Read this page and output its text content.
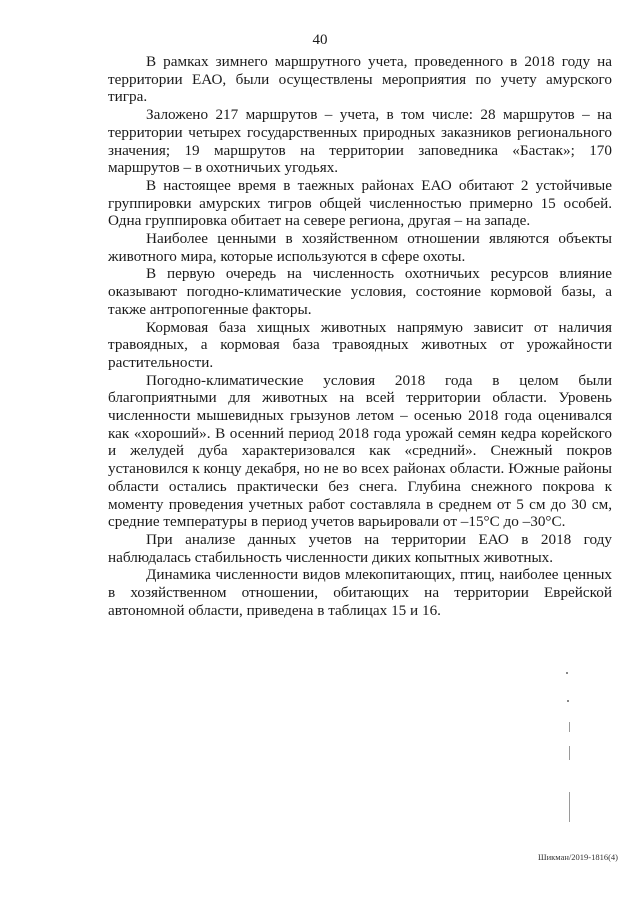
40

В рамках зимнего маршрутного учета, проведенного в 2018 году на территории ЕАО, были осуществлены мероприятия по учету амурского тигра.

Заложено 217 маршрутов – учета, в том числе: 28 маршрутов – на территории четырех государственных природных заказников регионального значения; 19 маршрутов на территории заповедника «Бастак»; 170 маршрутов – в охотничьих угодьях.

В настоящее время в таежных районах ЕАО обитают 2 устойчивые группировки амурских тигров общей численностью примерно 15 особей. Одна группировка обитает на севере региона, другая – на западе.

Наиболее ценными в хозяйственном отношении являются объекты животного мира, которые используются в сфере охоты.

В первую очередь на численность охотничьих ресурсов влияние оказывают погодно-климатические условия, состояние кормовой базы, а также антропогенные факторы.

Кормовая база хищных животных напрямую зависит от наличия травоядных, а кормовая база травоядных животных от урожайности растительности.

Погодно-климатические условия 2018 года в целом были благоприятными для животных на всей территории области. Уровень численности мышевидных грызунов летом – осенью 2018 года оценивался как «хороший». В осенний период 2018 года урожай семян кедра корейского и желудей дуба характеризовался как «средний». Снежный покров установился к концу декабря, но не во всех районах области. Южные районы области остались практически без снега. Глубина снежного покрова к моменту проведения учетных работ составляла в среднем от 5 см до 30 см, средние температуры в период учетов варьировали от –15°С до –30°С.

При анализе данных учетов на территории ЕАО в 2018 году наблюдалась стабильность численности диких копытных животных.

Динамика численности видов млекопитающих, птиц, наиболее ценных в хозяйственном отношении, обитающих на территории Еврейской автономной области, приведена в таблицах 15 и 16.

Шикман/2019-1816(4)
